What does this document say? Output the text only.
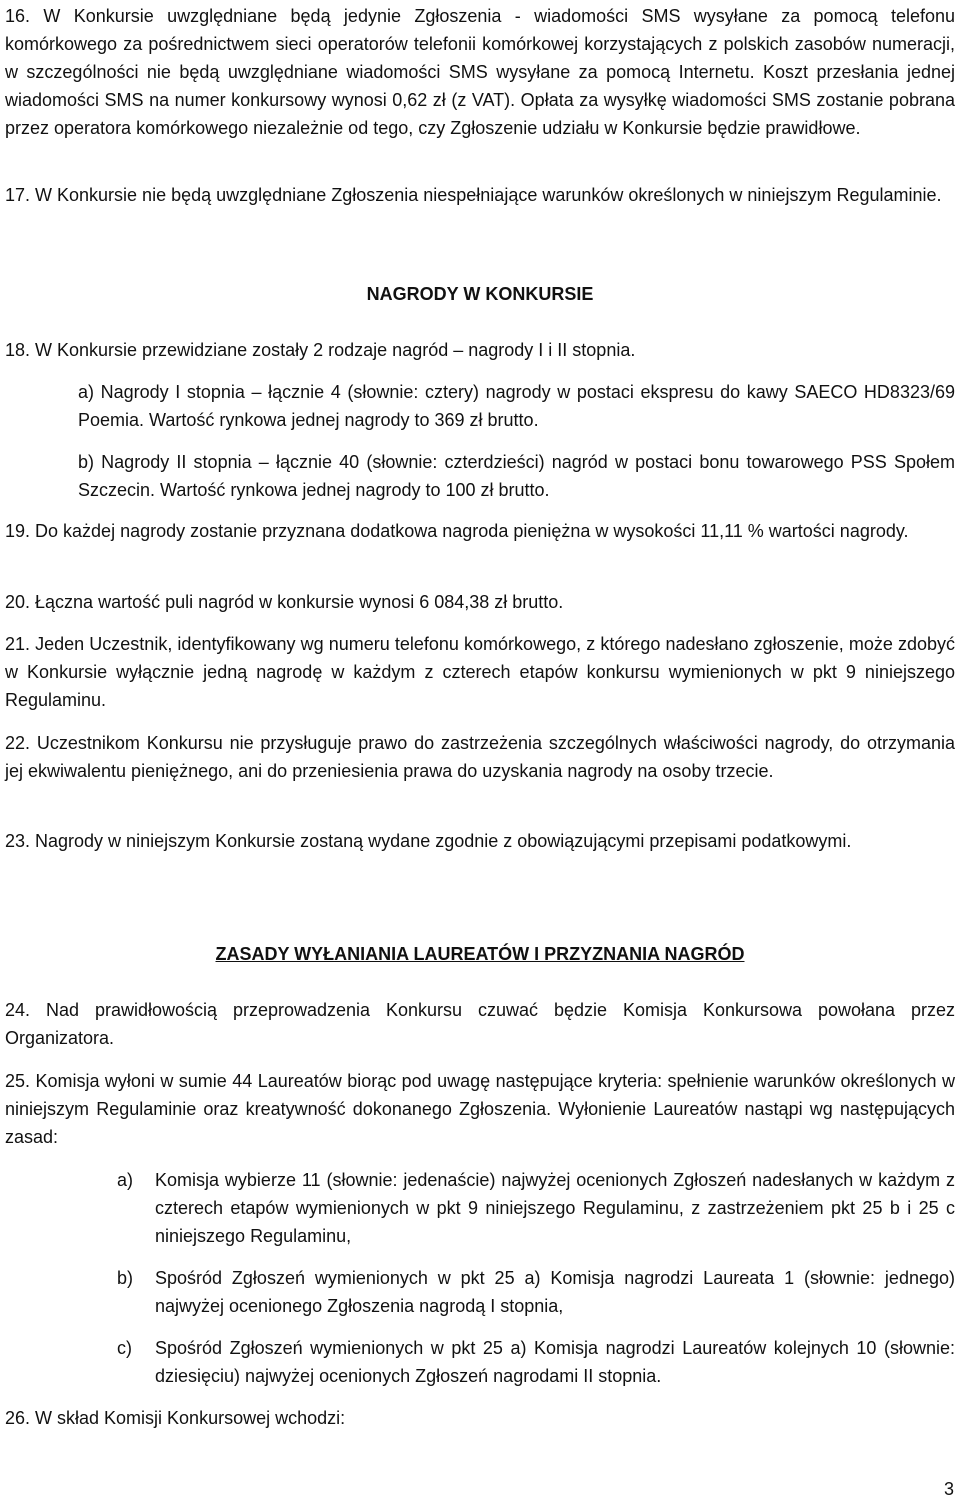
16. W Konkursie uwzględniane będą jedynie Zgłoszenia - wiadomości SMS wysyłane za pomocą telefonu komórkowego za pośrednictwem sieci operatorów telefonii komórkowej korzystających z polskich zasobów numeracji, w szczególności nie będą uwzględniane wiadomości SMS wysyłane za pomocą Internetu. Koszt przesłania jednej wiadomości SMS na numer konkursowy wynosi 0,62 zł (z VAT). Opłata za wysyłkę wiadomości SMS zostanie pobrana przez operatora komórkowego niezależnie od tego, czy Zgłoszenie udziału w Konkursie będzie prawidłowe.
17. W Konkursie nie będą uwzględniane Zgłoszenia niespełniające warunków określonych w niniejszym Regulaminie.
NAGRODY W KONKURSIE
18. W Konkursie przewidziane zostały 2 rodzaje nagród – nagrody I i II stopnia.
a) Nagrody I stopnia – łącznie 4 (słownie: cztery) nagrody w postaci ekspresu do kawy SAECO HD8323/69 Poemia. Wartość rynkowa jednej nagrody to 369 zł brutto.
b) Nagrody II stopnia – łącznie 40 (słownie: czterdzieści) nagród w postaci bonu towarowego PSS Społem Szczecin. Wartość rynkowa jednej nagrody to 100 zł brutto.
19. Do każdej nagrody zostanie przyznana dodatkowa nagroda pieniężna w wysokości 11,11 % wartości nagrody.
20. Łączna wartość puli nagród w konkursie wynosi 6 084,38 zł brutto.
21. Jeden Uczestnik, identyfikowany wg numeru telefonu komórkowego, z którego nadesłano zgłoszenie, może zdobyć w Konkursie wyłącznie jedną nagrodę w każdym z czterech etapów konkursu wymienionych w pkt 9 niniejszego Regulaminu.
22. Uczestnikom Konkursu nie przysługuje prawo do zastrzeżenia szczególnych właściwości nagrody, do otrzymania jej ekwiwalentu pieniężnego, ani do przeniesienia prawa do uzyskania nagrody na osoby trzecie.
23. Nagrody w niniejszym Konkursie zostaną wydane zgodnie z obowiązującymi przepisami podatkowymi.
ZASADY WYŁANIANIA LAUREATÓW I PRZYZNANIA NAGRÓD
24. Nad prawidłowością przeprowadzenia Konkursu czuwać będzie Komisja Konkursowa powołana przez Organizatora.
25. Komisja wyłoni w sumie 44 Laureatów biorąc pod uwagę następujące kryteria: spełnienie warunków określonych w niniejszym Regulaminie oraz kreatywność dokonanego Zgłoszenia. Wyłonienie Laureatów nastąpi wg następujących zasad:
a)	Komisja wybierze 11 (słownie: jedenaście) najwyżej ocenionych Zgłoszeń nadesłanych w każdym z czterech etapów wymienionych w pkt 9 niniejszego Regulaminu, z zastrzeżeniem pkt 25 b i 25 c niniejszego Regulaminu,
b)	Spośród Zgłoszeń wymienionych w pkt 25 a) Komisja nagrodzi Laureata 1 (słownie: jednego) najwyżej ocenionego Zgłoszenia nagrodą I stopnia,
c)	Spośród Zgłoszeń wymienionych w pkt 25 a) Komisja nagrodzi Laureatów kolejnych 10 (słownie: dziesięciu) najwyżej ocenionych Zgłoszeń nagrodami II stopnia.
26. W skład Komisji Konkursowej wchodzi:
3
